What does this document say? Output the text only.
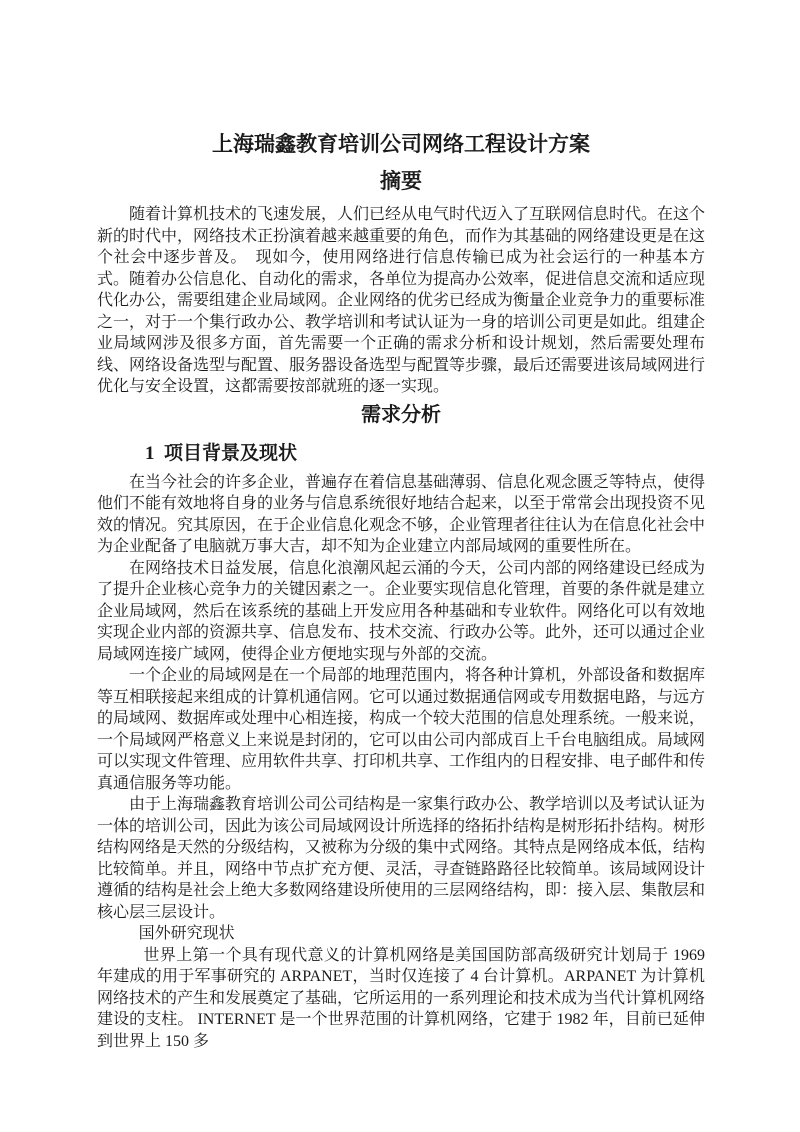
上海瑞鑫教育培训公司网络工程设计方案
摘要

随着计算机技术的飞速发展，人们已经从电气时代迈入了互联网信息时代。在这个新的时代中，网络技术正扮演着越来越重要的角色，而作为其基础的网络建设更是在这个社会中逐步普及。　现如今，使用网络进行信息传输已成为社会运行的一种基本方式。随着办公信息化、自动化的需求，各单位为提高办公效率，促进信息交流和适应现代化办公，需要组建企业局域网。企业网络的优劣已经成为衡量企业竞争力的重要标准之一，对于一个集行政办公、教学培训和考试认证为一身的培训公司更是如此。组建企业局域网涉及很多方面，首先需要一个正确的需求分析和设计规划，然后需要处理布线、网络设备选型与配置、服务器设备选型与配置等步骤，最后还需要进该局域网进行优化与安全设置，这都需要按部就班的逐一实现。

需求分析
1  项目背景及现状

在当今社会的许多企业，普遍存在着信息基础薄弱、信息化观念匮乏等特点，使得他们不能有效地将自身的业务与信息系统很好地结合起来，以至于常常会出现投资不见效的情况。究其原因，在于企业信息化观念不够，企业管理者往往认为在信息化社会中为企业配备了电脑就万事大吉，却不知为企业建立内部局域网的重要性所在。

在网络技术日益发展，信息化浪潮风起云涌的今天，公司内部的网络建设已经成为了提升企业核心竞争力的关键因素之一。企业要实现信息化管理，首要的条件就是建立企业局域网，然后在该系统的基础上开发应用各种基础和专业软件。网络化可以有效地实现企业内部的资源共享、信息发布、技术交流、行政办公等。此外，还可以通过企业局域网连接广域网，使得企业方便地实现与外部的交流。

一个企业的局域网是在一个局部的地理范围内，将各种计算机，外部设备和数据库等互相联接起来组成的计算机通信网。它可以通过数据通信网或专用数据电路，与远方的局域网、数据库或处理中心相连接，构成一个较大范围的信息处理系统。一般来说，一个局域网严格意义上来说是封闭的，它可以由公司内部成百上千台电脑组成。局域网可以实现文件管理、应用软件共享、打印机共享、工作组内的日程安排、电子邮件和传真通信服务等功能。

由于上海瑞鑫教育培训公司公司结构是一家集行政办公、教学培训以及考试认证为一体的培训公司，因此为该公司局域网设计所选择的络拓扑结构是树形拓扑结构。树形结构网络是天然的分级结构，又被称为分级的集中式网络。其特点是网络成本低，结构比较简单。并且，网络中节点扩充方便、灵活，寻查链路路径比较简单。该局域网设计遵循的结构是社会上绝大多数网络建设所使用的三层网络结构，即：接入层、集散层和核心层三层设计。

国外研究现状

世界上第一个具有现代意义的计算机网络是美国国防部高级研究计划局于 1969 年建成的用于军事研究的 ARPANET，当时仅连接了 4 台计算机。ARPANET 为计算机网络技术的产生和发展奠定了基础，它所运用的一系列理论和技术成为当代计算机网络建设的支柱。 INTERNET 是一个世界范围的计算机网络，它建于 1982 年，目前已延伸到世界上 150 多
